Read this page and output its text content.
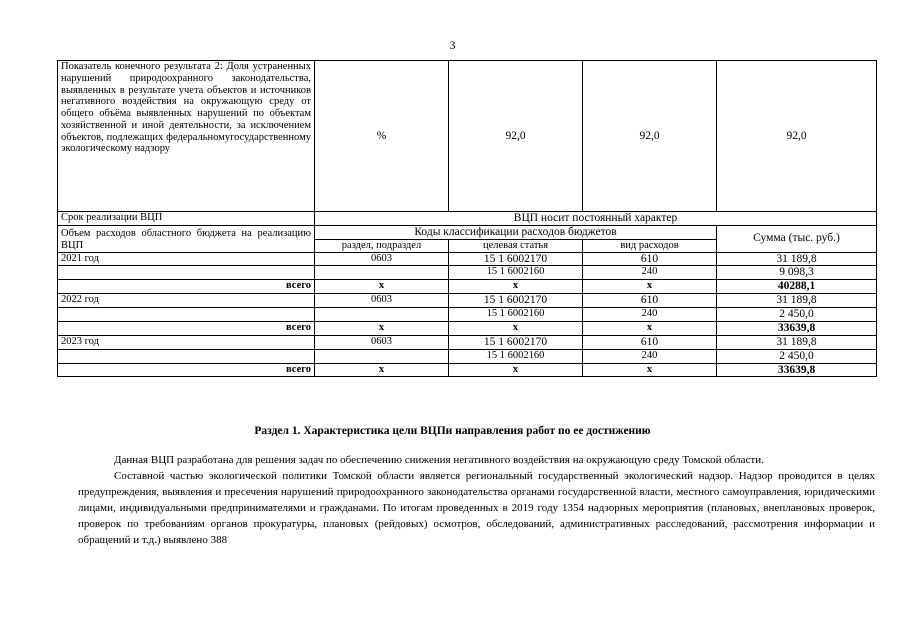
3
Показатель конечного результата 2: Доля устраненных нарушений природоохранного законодательства, выявленных в результате учета объектов и источников негативного воздействия на окружающую среду от общего объёма выявленных нарушений по объектам хозяйственной и иной деятельности, за исключением объектов, подлежащих федеральномугосударственному экологическому надзору	%	92,0	92,0	92,0
Срок реализации ВЦП	ВЦП носит постоянный характер			
Объем расходов областного бюджета на реализацию ВЦП	Коды классификации расходов бюджетов			Сумма (тыс. руб.)
	раздел, подраздел	целевая статья	вид расходов	
2021 год	0603	15 1 6002170	610	31 189,8
		15 1 6002160	240	9 098,3
всего	х	х	х	40288,1
2022 год	0603	15 1 6002170	610	31 189,8
		15 1 6002160	240	2 450,0
всего	х	х	х	33639,8
2023 год	0603	15 1 6002170	610	31 189,8
		15 1 6002160	240	2 450,0
всего	х	х	х	33639,8
Раздел 1. Характеристика цели ВЦПи направления работ по ее достижению

Данная ВЦП разработана для решения задач по обеспечению снижения негативного воздействия на окружающую среду Томской области.

Составной частью экологической политики Томской области является региональный государственный экологический надзор. Надзор проводится в целях предупреждения, выявления и пресечения нарушений природоохранного законодательства органами государственной власти, местного самоуправления, юридическими лицами, индивидуальными предпринимателями и гражданами. По итогам проведенных в 2019 году 1354 надзорных мероприятия (плановых, внеплановых проверок, проверок по требованиям органов прокуратуры, плановых (рейдовых) осмотров, обследований, административных расследований, рассмотрения информации и обращений и т.д.) выявлено 388
